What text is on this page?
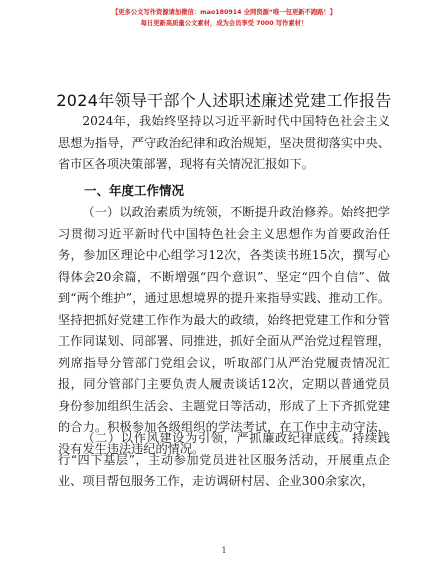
【更多公文写作资源请加微信：mao180914 全网资源“唯一包更新不跑路！】
每日更新高质量公文素材，成为会员享受 7000 写作素材！
2024年领导干部个人述职述廉述党建工作报告

2024年，我始终坚持以习近平新时代中国特色社会主义思想为指导，严守政治纪律和政治规矩，坚决贯彻落实中央、省市区各项决策部署，现将有关情况汇报如下。

一、年度工作情况

（一）以政治素质为统领，不断提升政治修养。始终把学习贯彻习近平新时代中国特色社会主义思想作为首要政治任务，参加区理论中心组学习12次，各类读书班15次，撰写心得体会20余篇，不断增强“四个意识”、坚定“四个自信”、做到“两个维护”，通过思想境界的提升来指导实践、推动工作。坚持把抓好党建工作作为最大的政绩，始终把党建工作和分管工作同谋划、同部署、同推进，抓好全面从严治党过程管理，列席指导分管部门党组会议，听取部门从严治党履责情况汇报，同分管部门主要负责人履责谈话12次，定期以普通党员身份参加组织生活会、主题党日等活动，形成了上下齐抓党建的合力。积极参加各级组织的学法考试，在工作中主动守法，没有发生违法违纪的情况。

（二）以作风建设为引领，严抓廉政纪律底线。持续践行“四下基层”，主动参加党员进社区服务活动，开展重点企业、项目帮包服务工作，走访调研村居、企业300余家次，

1
